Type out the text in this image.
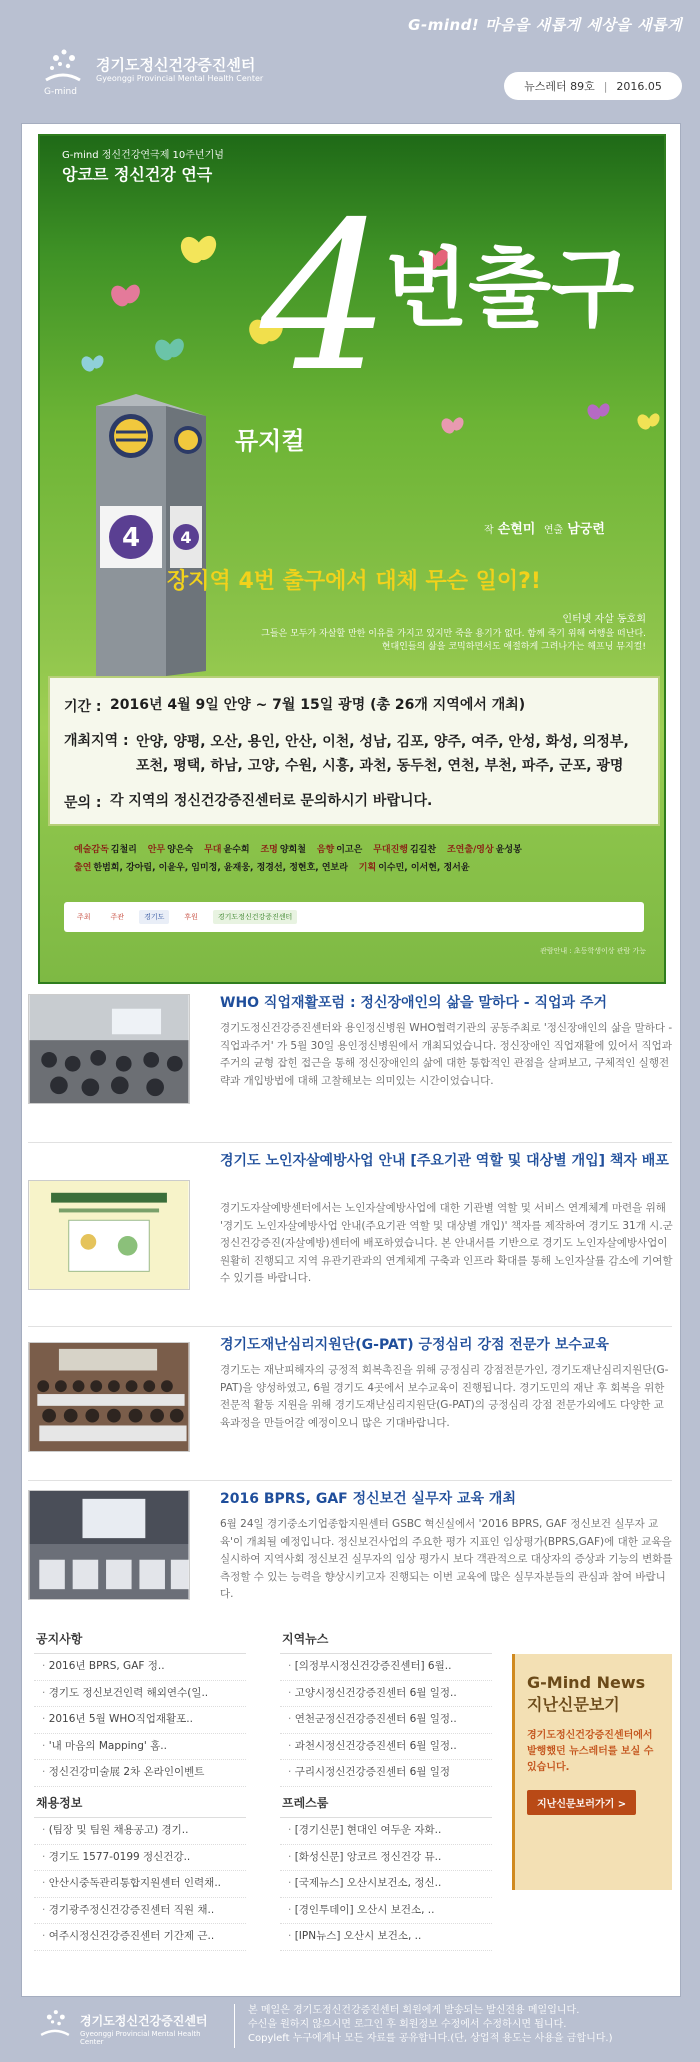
G-mind! 마음을 새롭게 세상을 새롭게
G-mind
경기도정신건강증진센터
Gyeonggi Provincial Mental Health Center
뉴스레터 89호 | 2016.05
G-mind 정신건강연극제 10주년기념
앙코르 정신건강 연극
4	4
4
번출구
뮤지컬
작 손현미 연출 남궁련
장지역 4번 출구에서 대체 무슨 일이?!
인터넷 자살 동호회
그들은 모두가 자살할 만한 이유를 가지고 있지만 죽을 용기가 없다. 함께 죽기 위해 여행을 떠난다.
현대인들의 삶을 코믹하면서도 애절하게 그려나가는 해프닝 뮤지컬!
기간 : 2016년 4월 9일 안양 ~ 7월 15일 광명 (총 26개 지역에서 개최)
개최지역 : 안양, 양평, 오산, 용인, 안산, 이천, 성남, 김포, 양주, 여주, 안성, 화성, 의정부, 포천, 평택, 하남, 고양, 수원, 시흥, 과천, 동두천, 연천, 부천, 파주, 군포, 광명
문의 : 각 지역의 정신건강증진센터로 문의하시기 바랍니다.
예술감독 김철리 안무 양은숙 무대 윤수희 조명 양희철 음향 이고은 무대진행 김길찬 조연출/영상 윤성봉
출연 한범희, 강아림, 이윤우, 임미정, 윤재웅, 정경선, 정현호, 연보라 기획 이수민, 이서현, 정서윤
주최	주관	경기도	후원	경기도정신건강증진센터
관람안내 : 초등학생이상 관람 가능
WHO 직업재활포럼 : 정신장애인의 삶을 말하다 - 직업과 주거
경기도정신건강증진센터와 용인정신병원 WHO협력기관의 공동주최로 '정신장애인의 삶을 말하다 - 직업과주거' 가 5월 30일 용인정신병원에서 개최되었습니다. 정신장애인 직업재활에 있어서 직업과 주거의 균형 잡힌 접근을 통해 정신장애인의 삶에 대한 통합적인 관점을 살펴보고, 구체적인 실행전략과 개입방법에 대해 고찰해보는 의미있는 시간이었습니다.
경기도 노인자살예방사업 안내 [주요기관 역할 및 대상별 개입] 책자 배포
경기도자살예방센터에서는 노인자살예방사업에 대한 기관별 역할 및 서비스 연계체계 마련을 위해 '경기도 노인자살예방사업 안내(주요기관 역할 및 대상별 개입)' 책자를 제작하여 경기도 31개 시.군 정신건강증진(자살예방)센터에 배포하였습니다. 본 안내서를 기반으로 경기도 노인자살예방사업이 원활히 진행되고 지역 유관기관과의 연계체계 구축과 인프라 확대를 통해 노인자살률 감소에 기여할 수 있기를 바랍니다.
경기도재난심리지원단(G-PAT) 긍정심리 강점 전문가 보수교육
경기도는 재난피해자의 긍정적 회복촉진을 위해 긍정심리 강점전문가인, 경기도재난심리지원단(G-PAT)을 양성하였고, 6월 경기도 4곳에서 보수교육이 진행됩니다. 경기도민의 재난 후 회복을 위한 전문적 활동 지원을 위해 경기도재난심리지원단(G-PAT)의 긍정심리 강점 전문가외에도 다양한 교육과정을 만들어갈 예정이오니 많은 기대바랍니다.
2016 BPRS, GAF 정신보건 실무자 교육 개최
6월 24일 경기중소기업종합지원센터 GSBC 혁신실에서 '2016 BPRS, GAF 정신보건 실무자 교육'이 개최될 예정입니다. 정신보건사업의 주요한 평가 지표인 임상평가(BPRS,GAF)에 대한 교육을 실시하여 지역사회 정신보건 실무자의 임상 평가시 보다 객관적으로 대상자의 증상과 기능의 변화를 측정할 수 있는 능력을 향상시키고자 진행되는 이번 교육에 많은 실무자분들의 관심과 참여 바랍니다.
공지사항
· 2016년 BPRS, GAF 정..
· 경기도 정신보건인력 해외연수(일..
· 2016년 5월 WHO직업재활포..
· '내 마음의 Mapping' 홈..
· 정신건강미술展 2차 온라인이벤트
지역뉴스
· [의정부시정신건강증진센터] 6월..
· 고양시정신건강증진센터 6월 일정..
· 연천군정신건강증진센터 6월 일정..
· 과천시정신건강증진센터 6월 일정..
· 구리시정신건강증진센터 6월 일정
채용정보
· (팀장 및 팀원 채용공고) 경기..
· 경기도 1577-0199 정신건강..
· 안산시중독관리통합지원센터 인력채..
· 경기광주정신건강증진센터 직원 채..
· 여주시정신건강증진센터 기간제 근..
프레스룸
· [경기신문] 현대인 여두운 자화..
· [화성신문] 앙코르 정신건강 뮤..
· [국제뉴스] 오산시보건소, 정신..
· [경인투데이] 오산시 보건소, ..
· [IPN뉴스] 오산시 보건소, ..
G-Mind News 지난신문보기
경기도정신건강증진센터에서 발행했던 뉴스레터를 보실 수 있습니다.
지난신문보러가기 >
경기도정신건강증진센터
Gyeonggi Provincial Mental Health Center
본 메일은 경기도정신건강증진센터 회원에게 발송되는 발신전용 메일입니다.
수신을 원하지 않으시면 로그인 후 회원정보 수정에서 수정하시면 됩니다.
Copyleft 누구에게나 모든 자료를 공유합니다.(단, 상업적 용도는 사용을 금합니다.)
